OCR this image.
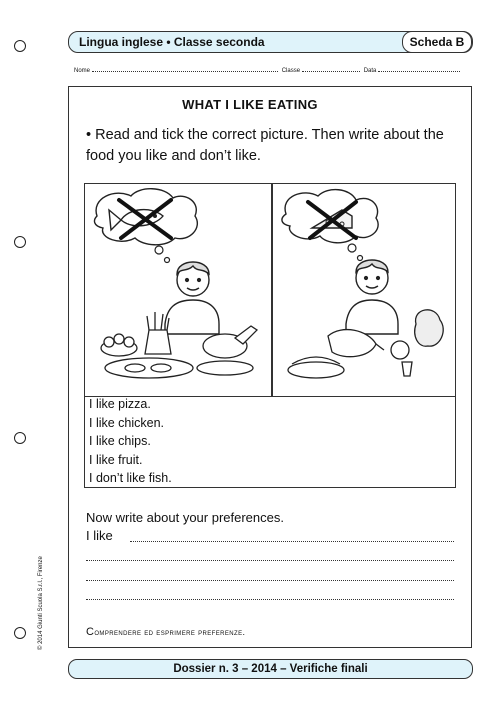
Lingua inglese • Classe seconda	Scheda B
Nome	Classe	Data
WHAT I LIKE EATING
• Read and tick the correct picture. Then write about the food you like and don’t like.
I like pizza.
I like chicken.
I like chips.
I like fruit.
I don’t like fish.
Now write about your preferences.
I like
Comprendere ed esprimere preferenze.
© 2014 Giunti Scuola S.r.l., Firenze
Dossier n. 3 – 2014 – Verifiche finali
